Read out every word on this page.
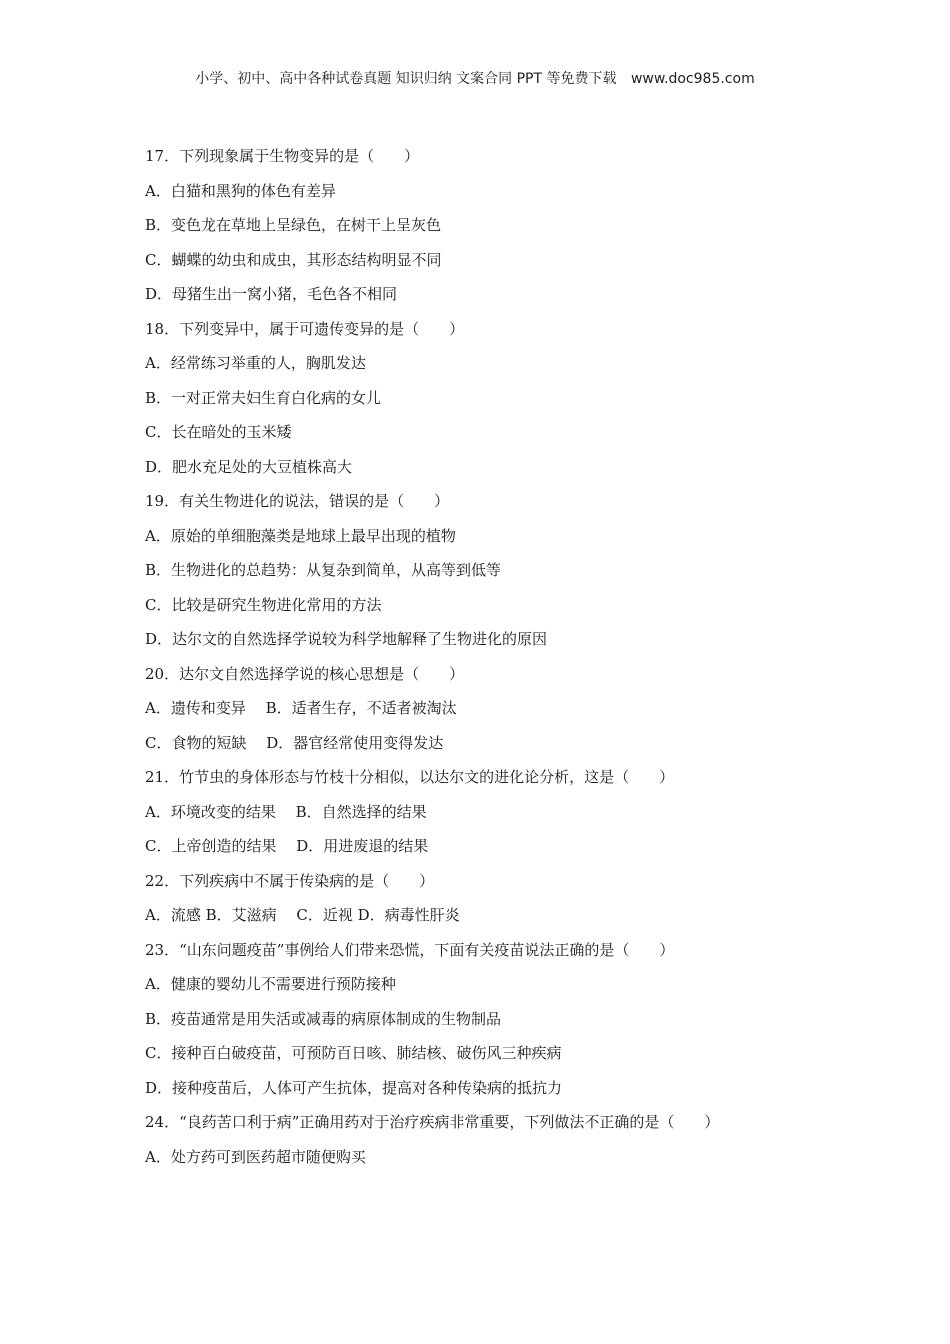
小学、初中、高中各种试卷真题 知识归纳 文案合同 PPT 等免费下载 www.doc985.com
17．下列现象属于生物变异的是（　　）
A．白猫和黑狗的体色有差异
B．变色龙在草地上呈绿色，在树干上呈灰色
C．蝴蝶的幼虫和成虫，其形态结构明显不同
D．母猪生出一窝小猪，毛色各不相同
18．下列变异中，属于可遗传变异的是（　　）
A．经常练习举重的人，胸肌发达
B．一对正常夫妇生育白化病的女儿
C．长在暗处的玉米矮
D．肥水充足处的大豆植株高大
19．有关生物进化的说法，错误的是（　　）
A．原始的单细胞藻类是地球上最早出现的植物
B．生物进化的总趋势：从复杂到简单，从高等到低等
C．比较是研究生物进化常用的方法
D．达尔文的自然选择学说较为科学地解释了生物进化的原因
20．达尔文自然选择学说的核心思想是（　　）
A．遗传和变异　 B．适者生存，不适者被淘汰
C．食物的短缺　 D．器官经常使用变得发达
21．竹节虫的身体形态与竹枝十分相似，以达尔文的进化论分析，这是（　　）
A．环境改变的结果　 B．自然选择的结果
C．上帝创造的结果　 D．用进废退的结果
22．下列疾病中不属于传染病的是（　　）
A．流感 B．艾滋病　 C．近视 D．病毒性肝炎
23．“山东问题疫苗”事例给人们带来恐慌，下面有关疫苗说法正确的是（　　）
A．健康的婴幼儿不需要进行预防接种
B．疫苗通常是用失活或减毒的病原体制成的生物制品
C．接种百白破疫苗，可预防百日咳、肺结核、破伤风三种疾病
D．接种疫苗后，人体可产生抗体，提高对各种传染病的抵抗力
24．“良药苦口利于病”正确用药对于治疗疾病非常重要，下列做法不正确的是（　　）
A．处方药可到医药超市随便购买
